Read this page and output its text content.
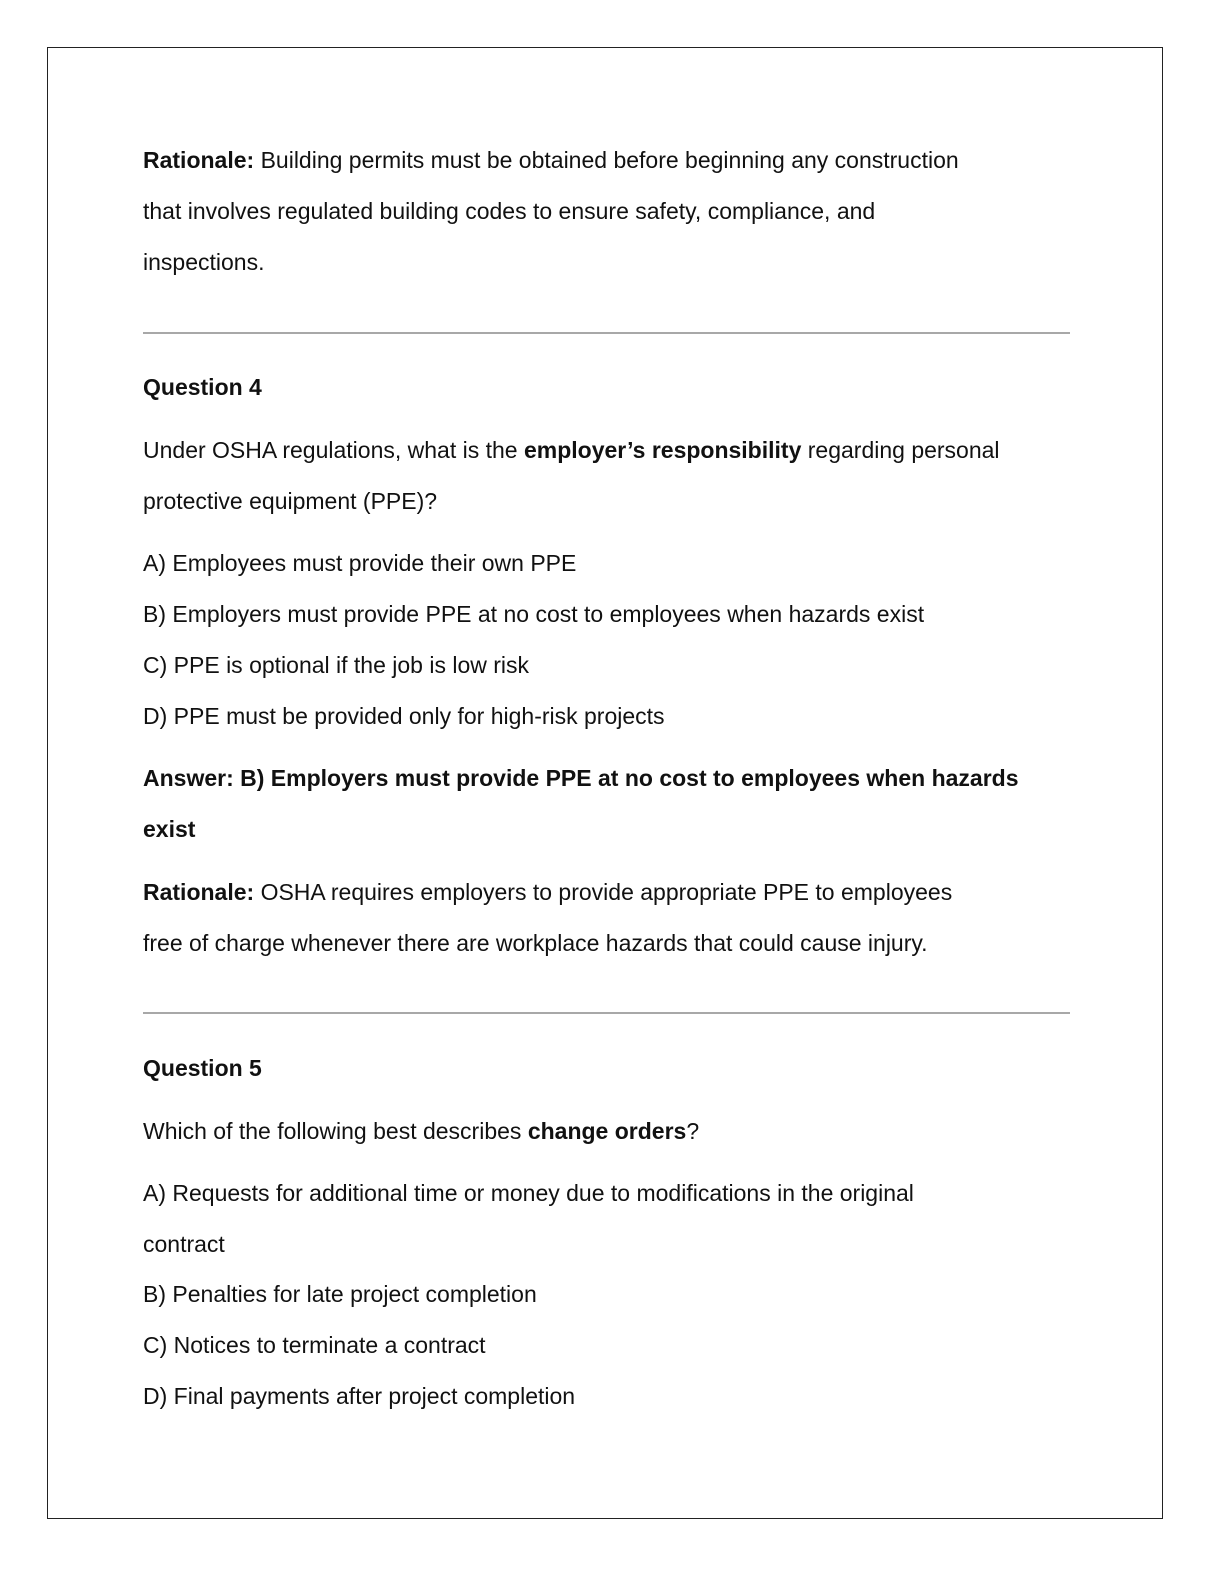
Rationale: Building permits must be obtained before beginning any construction
that involves regulated building codes to ensure safety, compliance, and
inspections.
Question 4
Under OSHA regulations, what is the employer’s responsibility regarding personal
protective equipment (PPE)?
A) Employees must provide their own PPE
B) Employers must provide PPE at no cost to employees when hazards exist
C) PPE is optional if the job is low risk
D) PPE must be provided only for high-risk projects
Answer: B) Employers must provide PPE at no cost to employees when hazards
exist
Rationale: OSHA requires employers to provide appropriate PPE to employees
free of charge whenever there are workplace hazards that could cause injury.
Question 5
Which of the following best describes change orders?
A) Requests for additional time or money due to modifications in the original
contract
B) Penalties for late project completion
C) Notices to terminate a contract
D) Final payments after project completion
